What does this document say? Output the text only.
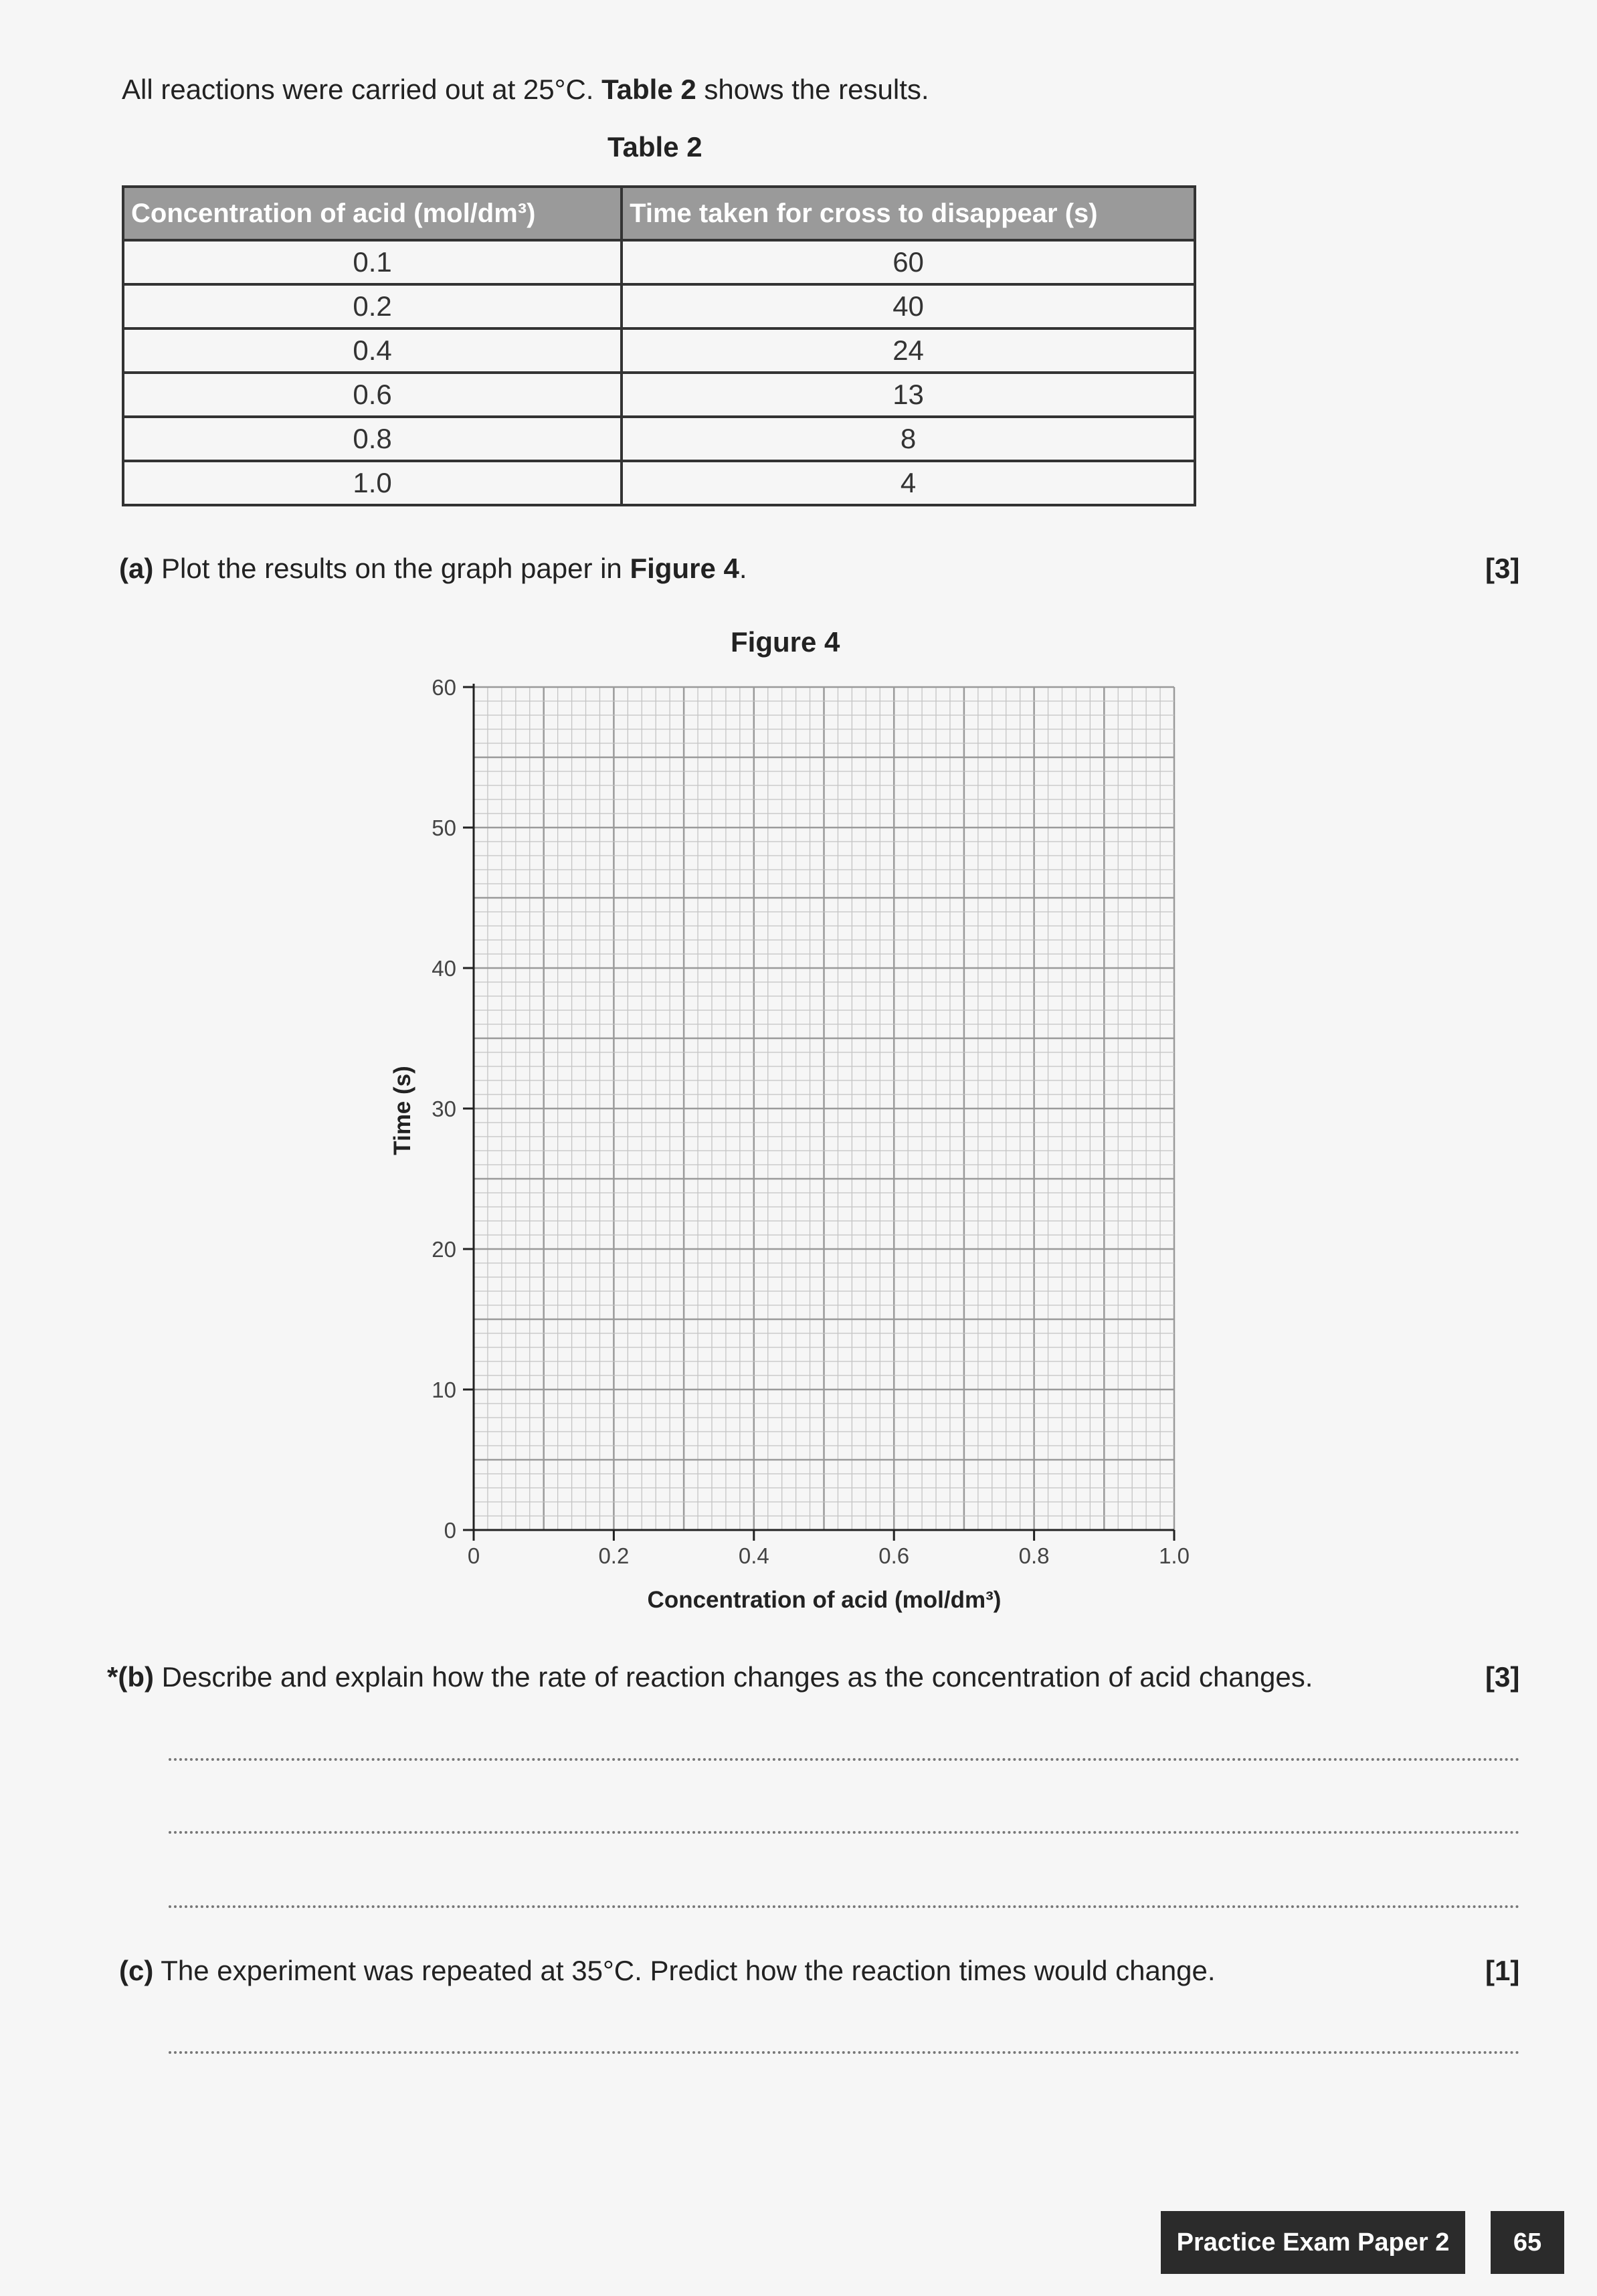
All reactions were carried out at 25°C. Table 2 shows the results.
Table 2
Concentration of acid (mol/dm³)	Time taken for cross to disappear (s)
0.1	60
0.2	40
0.4	24
0.6	13
0.8	8
1.0	4
(a) Plot the results on the graph paper in Figure 4.	[3]
Figure 4
0	0.2	0.4	0.6	0.8	1.0
0
10
20
30
40
50
60
Concentration of acid (mol/dm³)
Time (s)
*(b) Describe and explain how the rate of reaction changes as the concentration of acid changes.	[3]
(c) The experiment was repeated at 35°C. Predict how the reaction times would change.	[1]
Practice Exam Paper 2	65
